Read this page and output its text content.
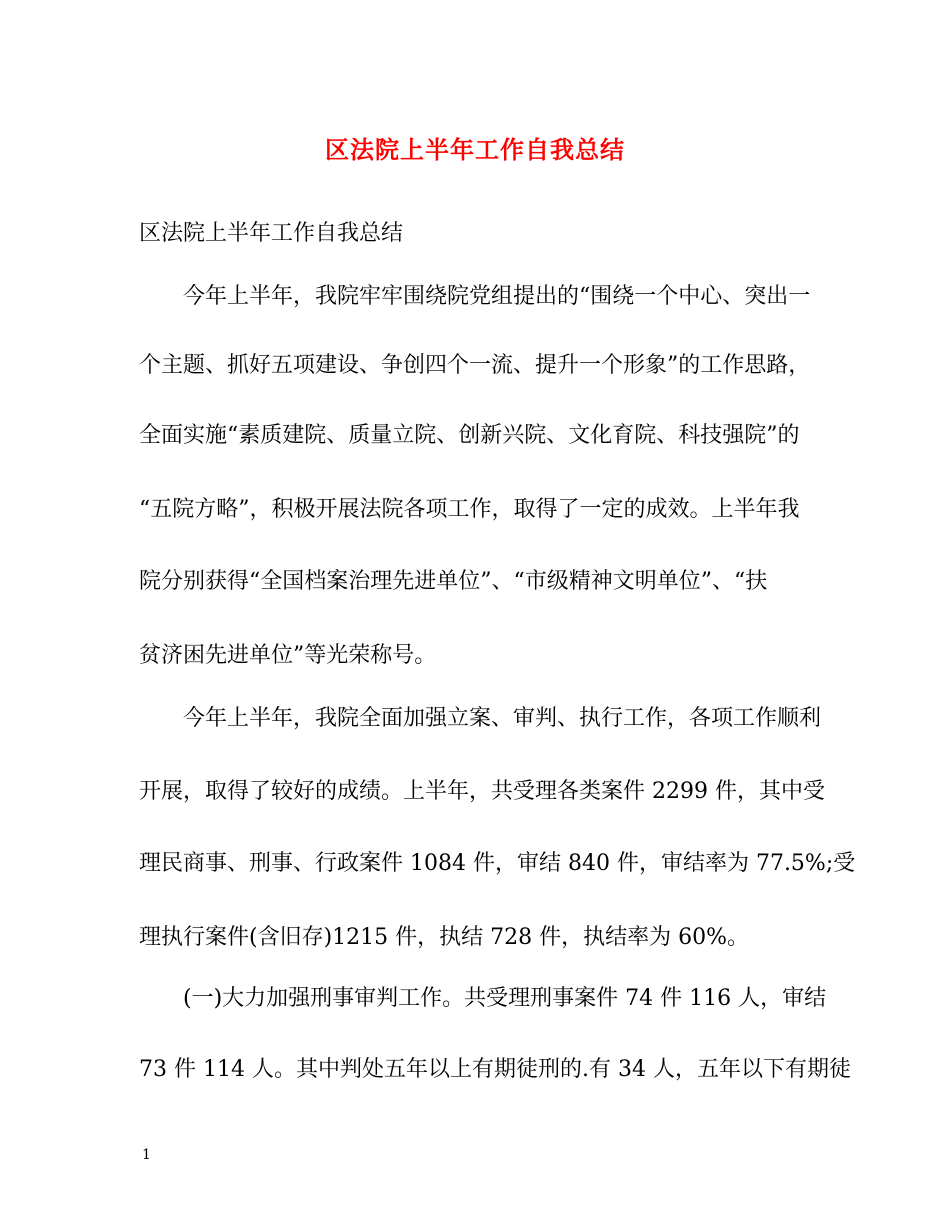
区法院上半年工作自我总结
区法院上半年工作自我总结
今年上半年，我院牢牢围绕院党组提出的“围绕一个中心、突出一
个主题、抓好五项建设、争创四个一流、提升一个形象”的工作思路，
全面实施“素质建院、质量立院、创新兴院、文化育院、科技强院”的
“五院方略”，积极开展法院各项工作，取得了一定的成效。上半年我
院分别获得“全国档案治理先进单位”、“市级精神文明单位”、“扶
贫济困先进单位”等光荣称号。
今年上半年，我院全面加强立案、审判、执行工作，各项工作顺利
开展，取得了较好的成绩。上半年，共受理各类案件 2299 件，其中受
理民商事、刑事、行政案件 1084 件，审结 840 件，审结率为 77.5%;受
理执行案件(含旧存)1215 件，执结 728 件，执结率为 60%。
(一)大力加强刑事审判工作。共受理刑事案件 74 件 116 人，审结
73 件 114 人。其中判处五年以上有期徒刑的.有 34 人，五年以下有期徒
1
